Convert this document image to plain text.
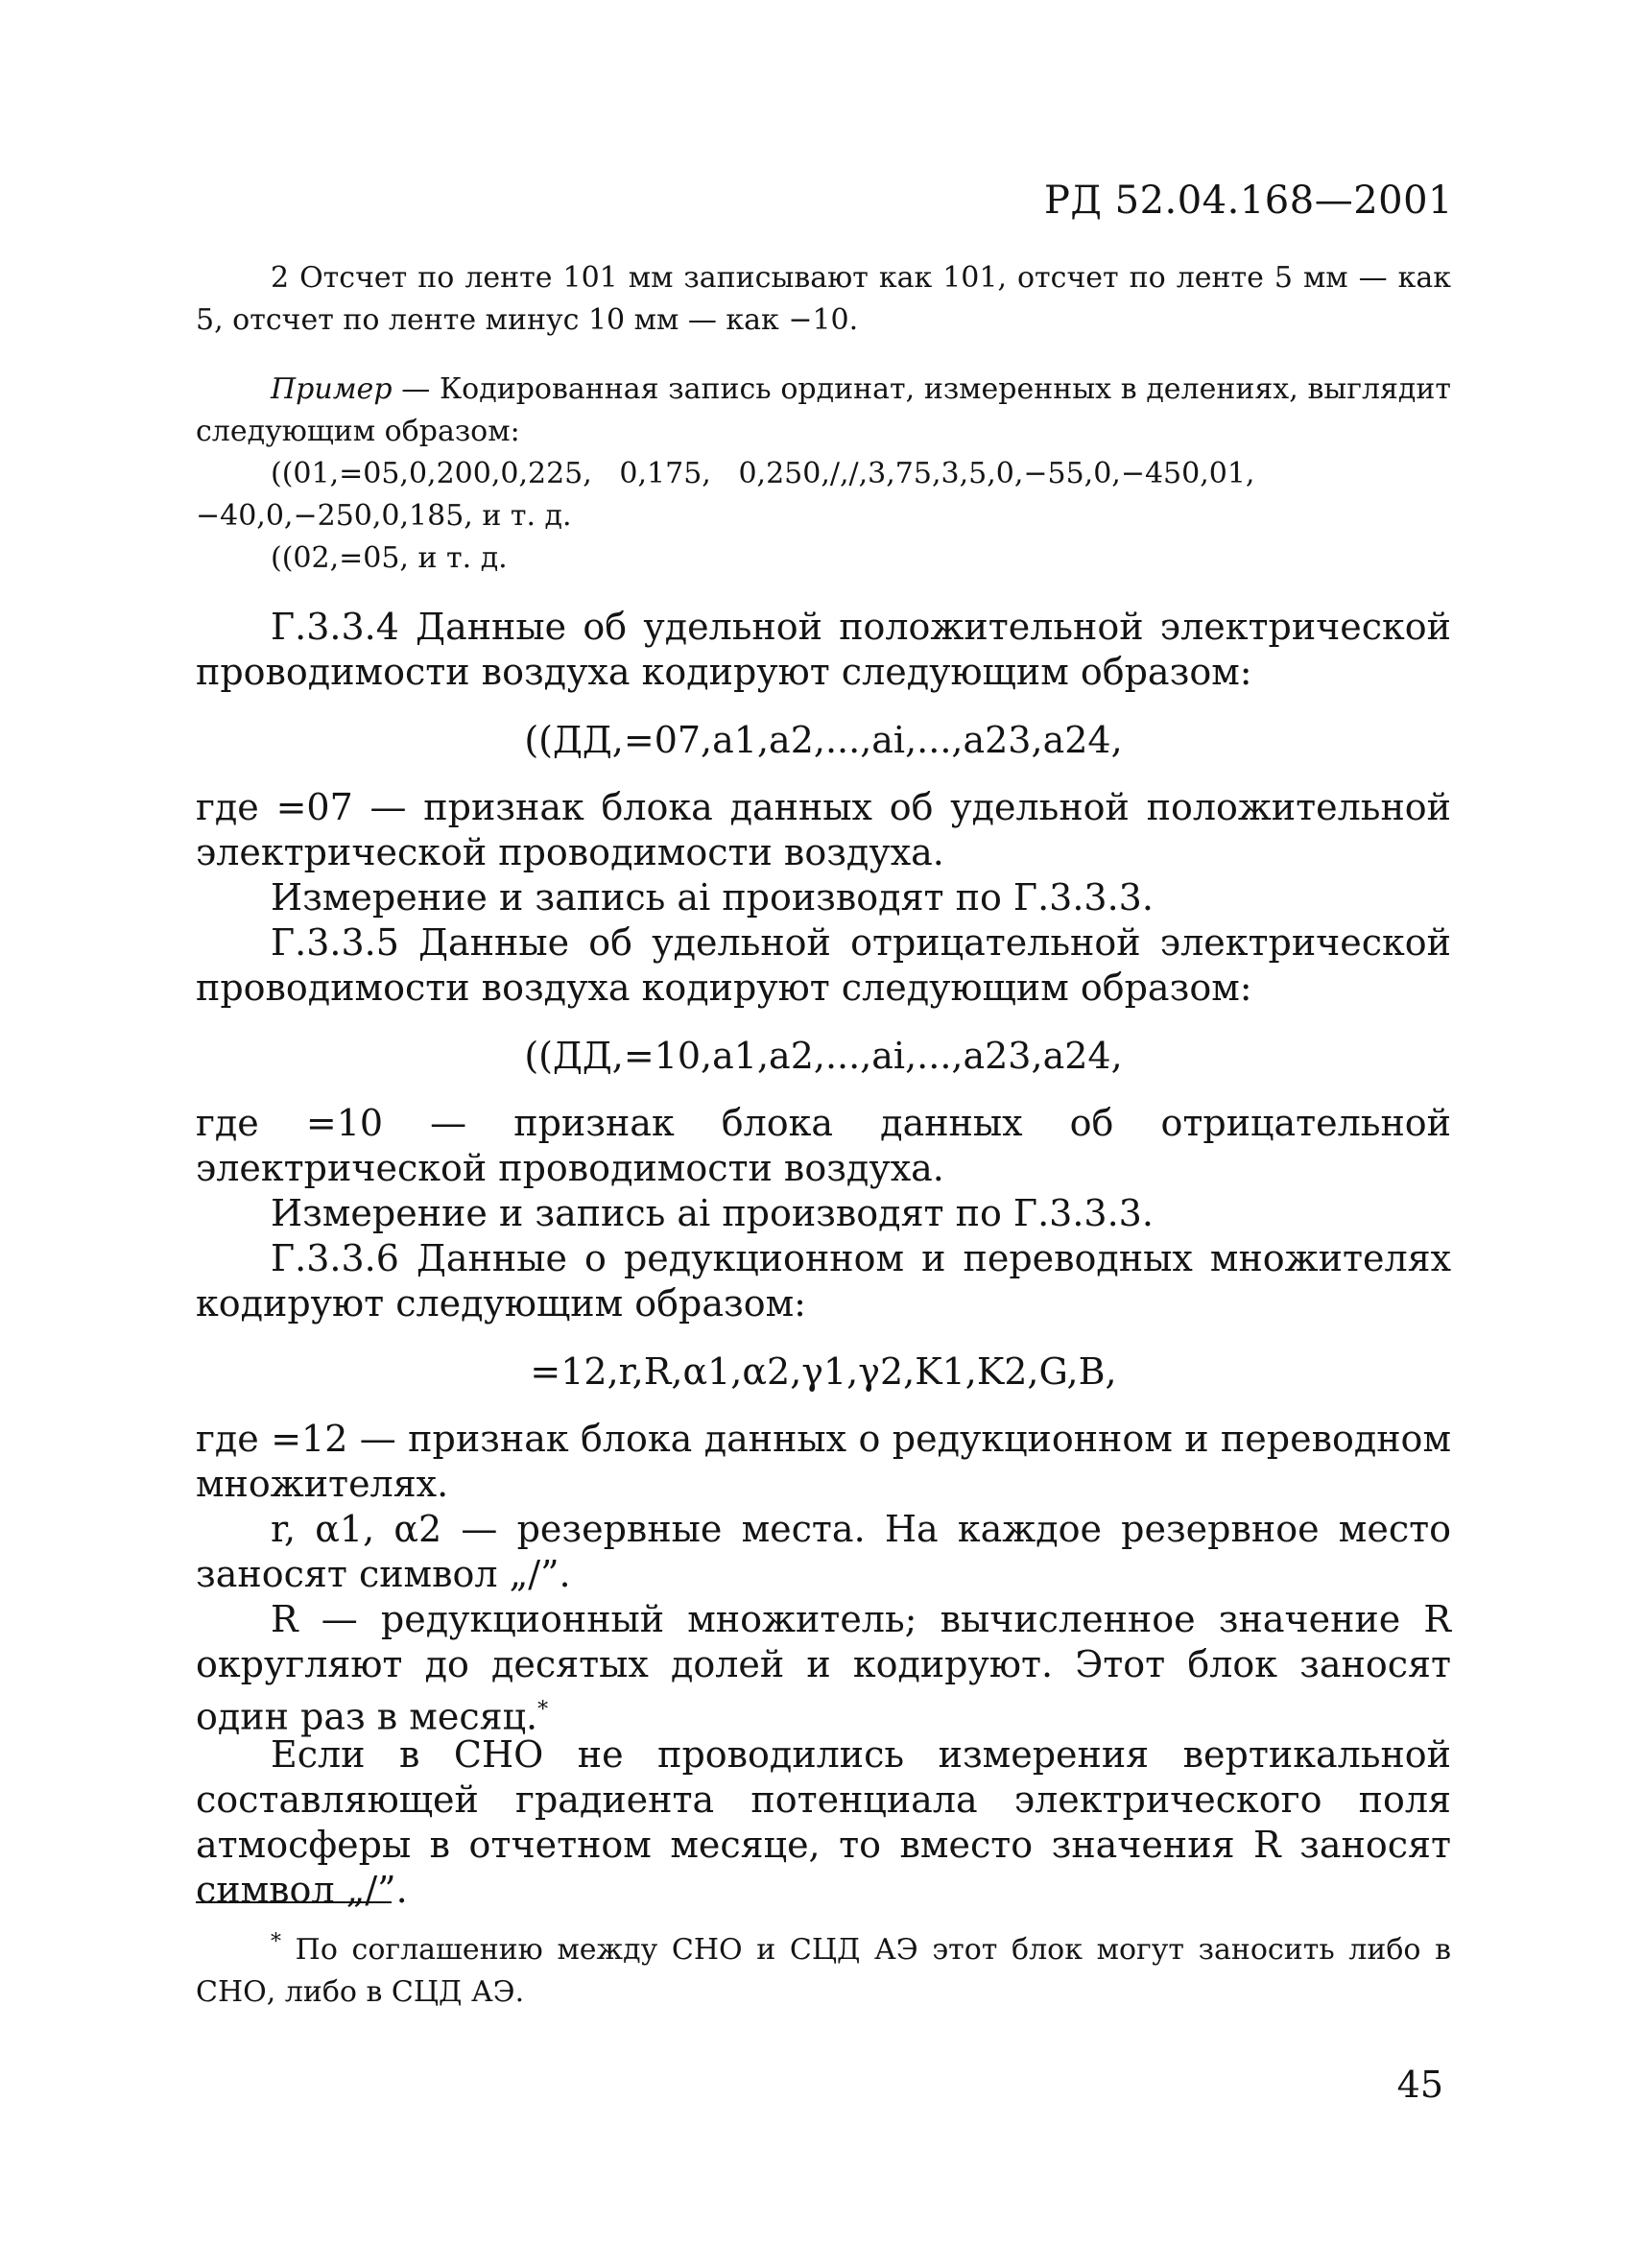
РД 52.04.168—2001

2 Отсчет по ленте 101 мм записывают как 101, отсчет по ленте 5 мм — как 5, отсчет по ленте минус 10 мм — как −10.

Пример — Кодированная запись ординат, измеренных в делениях, выглядит следующим образом:
((01,=05,0,200,0,225,   0,175,   0,250,/,/,3,75,3,5,0,−55,0,−450,01,
−40,0,−250,0,185, и т. д.
((02,=05, и т. д.

Г.3.3.4 Данные об удельной положительной электрической проводимости воздуха кодируют следующим образом:

((ДД,=07,a1,a2,...,ai,...,a23,a24,

где =07 — признак блока данных об удельной положительной электрической проводимости воздуха.

Измерение и запись ai производят по Г.3.3.3.

Г.3.3.5 Данные об удельной отрицательной электрической проводимости воздуха кодируют следующим образом:

((ДД,=10,a1,a2,...,ai,...,a23,a24,

где =10 — признак блока данных об отрицательной электрической проводимости воздуха.

Измерение и запись ai производят по Г.3.3.3.

Г.3.3.6 Данные о редукционном и переводных множителях кодируют следующим образом:

=12,r,R,α1,α2,γ1,γ2,K1,K2,G,B,

где =12 — признак блока данных о редукционном и переводном множителях.

r, α1, α2 — резервные места. На каждое резервное место заносят символ „/”.

R — редукционный множитель; вычисленное значение R округляют до десятых долей и кодируют. Этот блок заносят один раз в месяц.*

Если в СНО не проводились измерения вертикальной составляющей градиента потенциала электрического поля атмосферы в отчетном месяце, то вместо значения R заносят символ „/”.

* По соглашению между СНО и СЦД АЭ этот блок могут заносить либо в СНО, либо в СЦД АЭ.

45
